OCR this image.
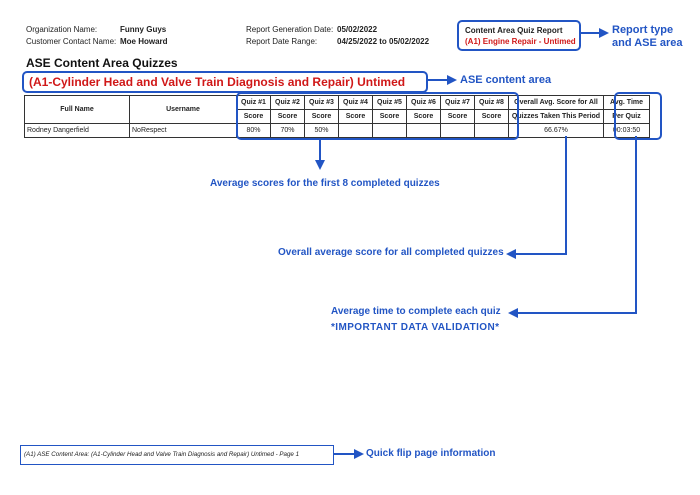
Organization Name:	Funny Guys
Customer Contact Name: Moe Howard
Report Generation Date: 05/02/2022
Report Date Range: 04/25/2022 to 05/02/2022
Content Area Quiz Report
(A1) Engine Repair - Untimed
ASE Content Area Quizzes
(A1-Cylinder Head and Valve Train Diagnosis and Repair) Untimed
Full Name	Username	Quiz #1	Quiz #2	Quiz #3	Quiz #4	Quiz #5	Quiz #6	Quiz #7	Quiz #8	Overall Avg. Score for All	Avg. Time
		Score	Score	Score	Score	Score	Score	Score	Score	Quizzes Taken This Period	Per Quiz
Rodney Dangerfield	NoRespect	80%	70%	50%						66.67%	00:03:50
Report type
and ASE area
ASE content area
Average scores for the first 8 completed quizzes
Overall average score for all completed quizzes
Average time to complete each quiz
*IMPORTANT DATA VALIDATION*
Quick flip page information
(A1) ASE Content Area: (A1-Cylinder Head and Valve Train Diagnosis and Repair) Untimed - Page 1
